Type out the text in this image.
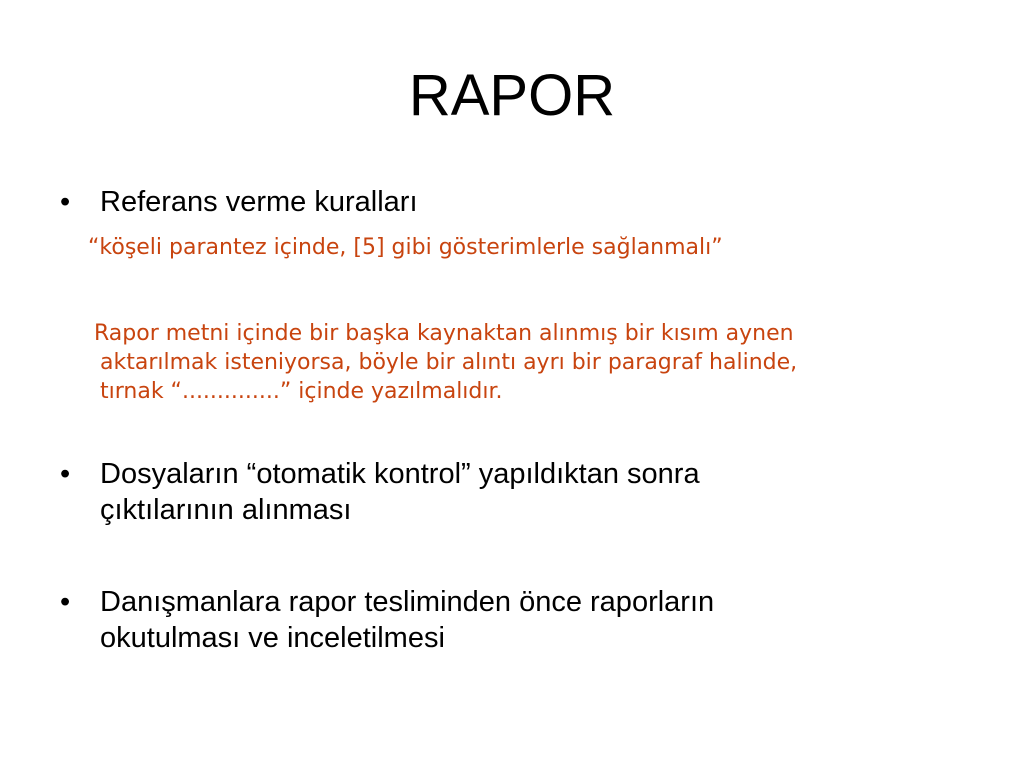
RAPOR
•	Referans verme kuralları
“köşeli parantez içinde, [5] gibi gösterimlerle sağlanmalı”
Rapor metni içinde bir başka kaynaktan alınmış bir kısım aynen
aktarılmak isteniyorsa, böyle bir alıntı ayrı bir paragraf halinde,
tırnak “..............” içinde yazılmalıdır.
•	Dosyaların “otomatik kontrol” yapıldıktan sonra
çıktılarının alınması
•	Danışmanlara rapor tesliminden önce raporların
okutulması ve inceletilmesi
